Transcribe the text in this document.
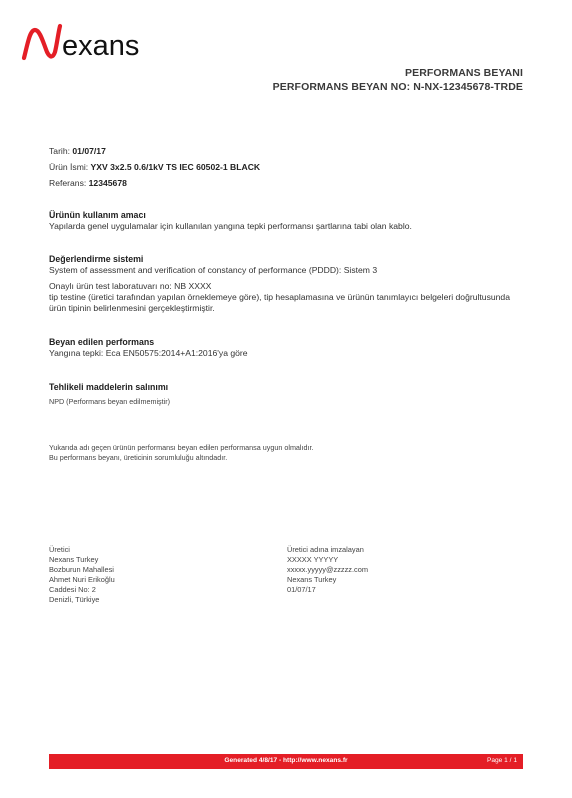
exans
PERFORMANS BEYANI
PERFORMANS BEYAN NO: N-NX-12345678-TRDE
Tarih: 01/07/17
Ürün İsmi: YXV 3x2.5 0.6/1kV TS IEC 60502-1 BLACK
Referans: 12345678

Ürünün kullanım amacı

Yapılarda genel uygulamalar için kullanılan yangına tepki performansı şartlarına tabi olan kablo.

Değerlendirme sistemi

System of assessment and verification of constancy of performance (PDDD): Sistem 3

Onaylı ürün test laboratuvarı no: NB XXXX

tip testine (üretici tarafından yapılan örneklemeye göre), tip hesaplamasına ve ürünün tanımlayıcı belgeleri doğrultusunda ürün tipinin belirlenmesini gerçekleştirmiştir.

Beyan edilen performans

Yangına tepki: Eca EN50575:2014+A1:2016'ya göre

Tehlikeli maddelerin salınımı

NPD (Performans beyan edilmemiştir)

Yukarıda adı geçen ürünün performansı beyan edilen performansa uygun olmalıdır.

Bu performans beyanı, üreticinin sorumluluğu altındadır.

Üretici
Nexans Turkey
Bozburun Mahallesi
Ahmet Nuri Erikoğlu
Caddesi No: 2
Denizli, Türkiye
Üretici adına imzalayan
XXXXX YYYYY
xxxxx.yyyyy@zzzzz.com
Nexans Turkey
01/07/17
Generated 4/8/17 - http://www.nexans.fr	Page 1 / 1
